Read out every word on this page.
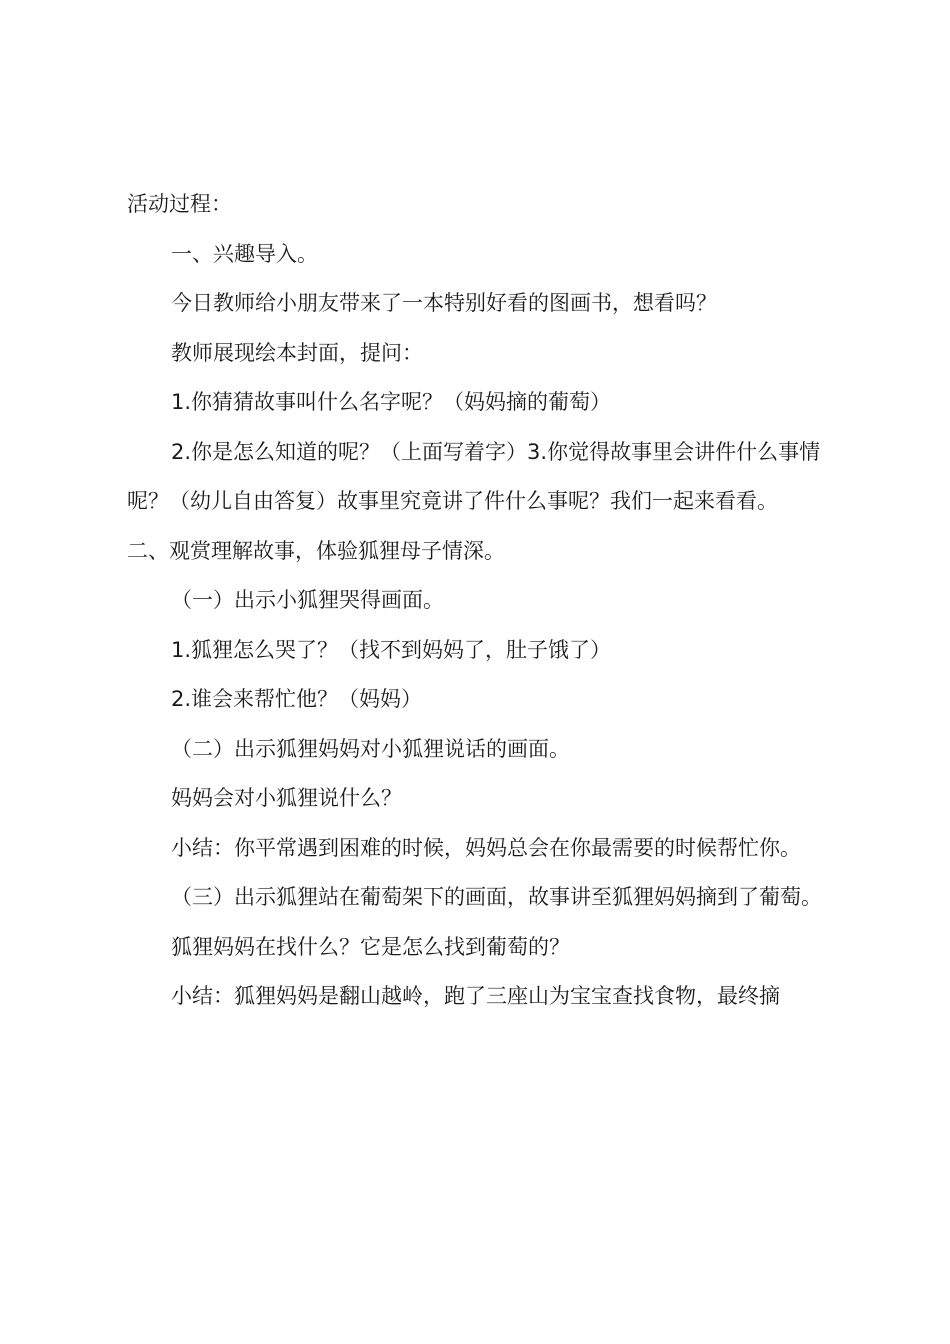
活动过程：

一、兴趣导入。

今日教师给小朋友带来了一本特别好看的图画书，想看吗？

教师展现绘本封面，提问：

1.你猜猜故事叫什么名字呢？（妈妈摘的葡萄）

2.你是怎么知道的呢？（上面写着字）3.你觉得故事里会讲件什么事情呢？（幼儿自由答复）故事里究竟讲了件什么事呢？我们一起来看看。

二、观赏理解故事，体验狐狸母子情深。

（一）出示小狐狸哭得画面。

1.狐狸怎么哭了？（找不到妈妈了，肚子饿了）

2.谁会来帮忙他？（妈妈）

（二）出示狐狸妈妈对小狐狸说话的画面。

妈妈会对小狐狸说什么？

小结：你平常遇到困难的时候，妈妈总会在你最需要的时候帮忙你。

（三）出示狐狸站在葡萄架下的画面，故事讲至狐狸妈妈摘到了葡萄。

狐狸妈妈在找什么？它是怎么找到葡萄的？

小结：狐狸妈妈是翻山越岭，跑了三座山为宝宝查找食物，最终摘
